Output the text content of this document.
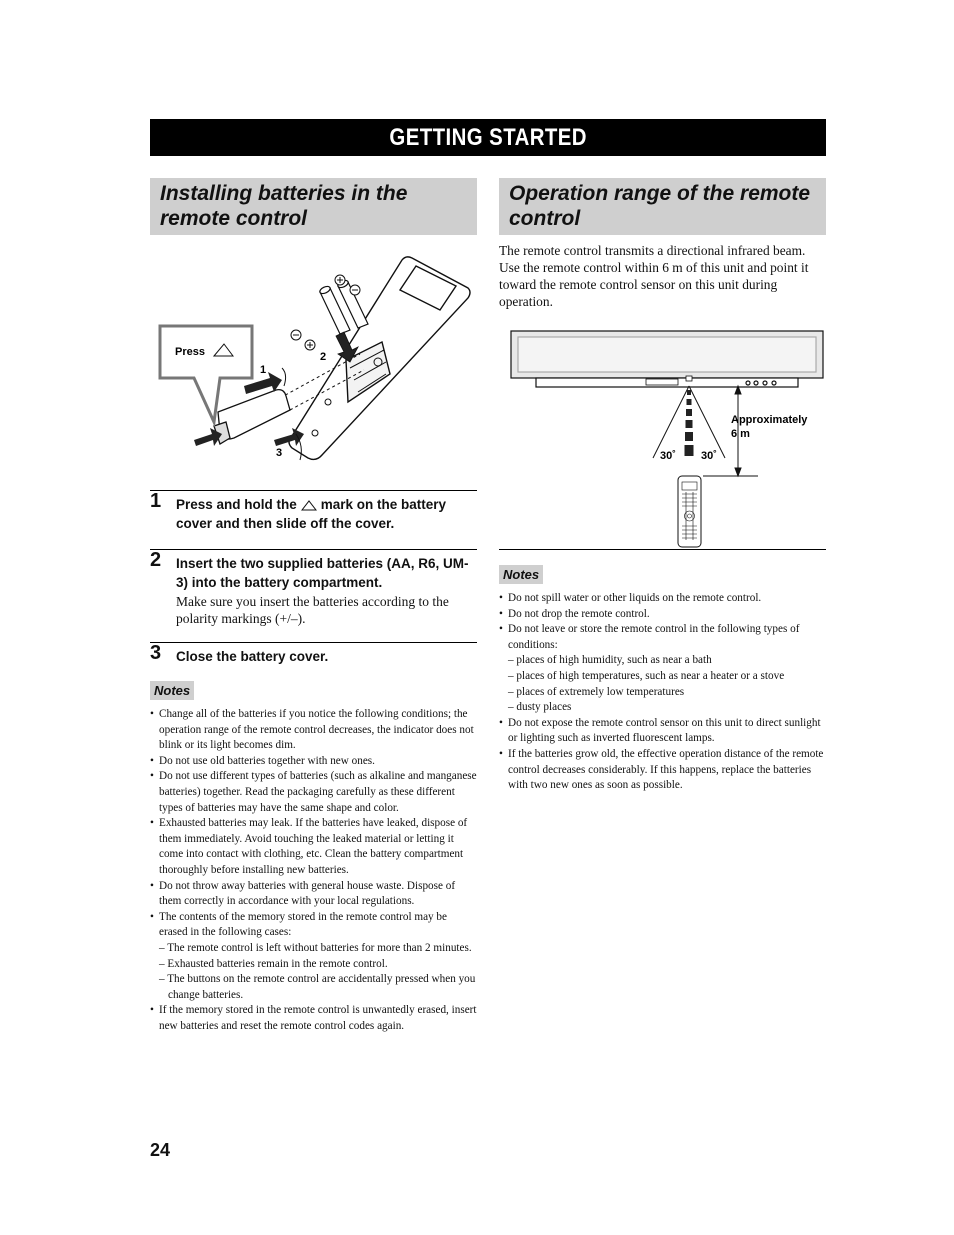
GETTING STARTED
Installing batteries in the remote control
Operation range of the remote control
Press
1
2
3
1 Press and hold the mark on the battery cover and then slide off the cover.
2 Insert the two supplied batteries (AA, R6, UM-3) into the battery compartment.
Make sure you insert the batteries according to the polarity markings (+/–).
3 Close the battery cover.
Notes
• Change all of the batteries if you notice the following conditions; the operation range of the remote control decreases, the indicator does not blink or its light becomes dim.
• Do not use old batteries together with new ones.
• Do not use different types of batteries (such as alkaline and manganese batteries) together. Read the packaging carefully as these different types of batteries may have the same shape and color.
• Exhausted batteries may leak. If the batteries have leaked, dispose of them immediately. Avoid touching the leaked material or letting it come into contact with clothing, etc. Clean the battery compartment thoroughly before installing new batteries.
• Do not throw away batteries with general house waste. Dispose of them correctly in accordance with your local regulations.
• The contents of the memory stored in the remote control may be erased in the following cases:
– The remote control is left without batteries for more than 2 minutes.
– Exhausted batteries remain in the remote control.
– The buttons on the remote control are accidentally pressed when you change batteries.
• If the memory stored in the remote control is unwantedly erased, insert new batteries and reset the remote control codes again.
The remote control transmits a directional infrared beam. Use the remote control within 6 m of this unit and point it toward the remote control sensor on this unit during operation.
Approximately
6 m
30˚ 30˚
Notes
• Do not spill water or other liquids on the remote control.
• Do not drop the remote control.
• Do not leave or store the remote control in the following types of conditions:
– places of high humidity, such as near a bath
– places of high temperatures, such as near a heater or a stove
– places of extremely low temperatures
– dusty places
• Do not expose the remote control sensor on this unit to direct sunlight or lighting such as inverted fluorescent lamps.
• If the batteries grow old, the effective operation distance of the remote control decreases considerably. If this happens, replace the batteries with two new ones as soon as possible.
24
